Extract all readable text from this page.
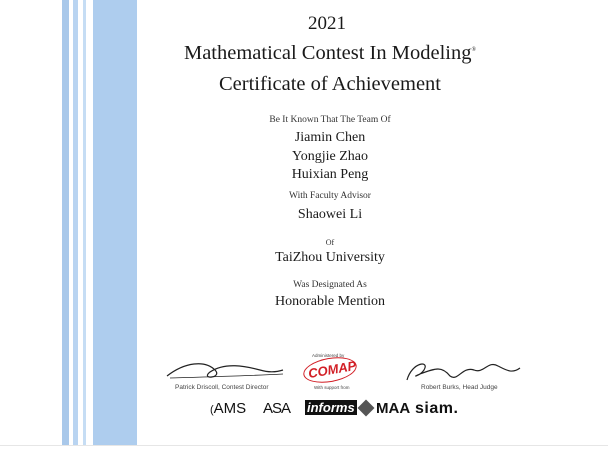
2021
Mathematical Contest In Modeling®
Certificate of Achievement
Be It Known That The Team Of
Jiamin Chen
Yongjie Zhao
Huixian Peng
With Faculty Advisor
Shaowei Li
Of
TaiZhou University
Was Designated As
Honorable Mention
Patrick Driscoll, Contest Director
Administered by
COMAP
With support from	Robert Burks, Head Judge
(AMS ASA informs MAA siam.
